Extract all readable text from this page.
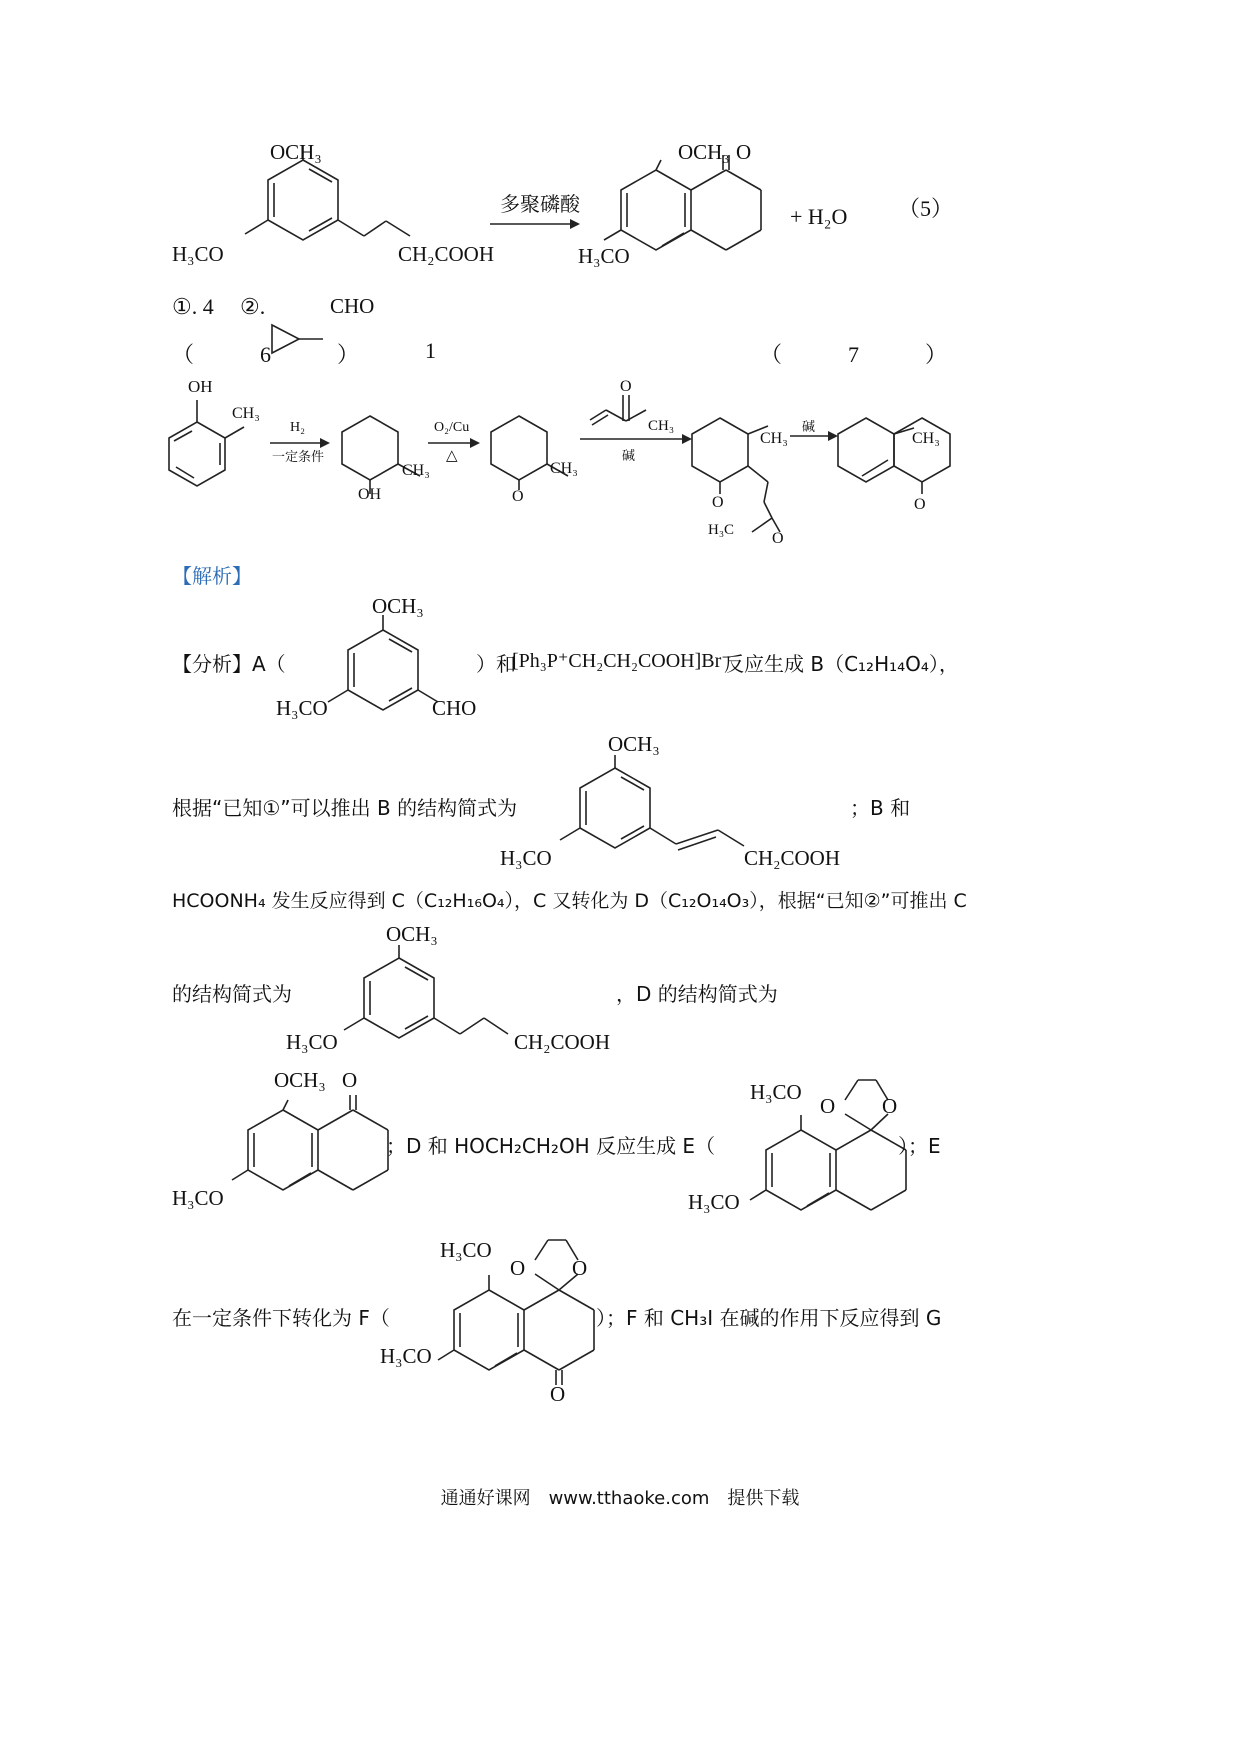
OCH₃
H₃CO	CH₂COOH
多聚磷酸
OCH₃ O
H₃CO
+ H₂O （5）
①. 4 ②.	CHO
（　　　6　　　）	1	（　　　7　　　）
OH
CH₃
H₂
一定条件
CH₃
OH
O₂/Cu
△
CH₃
O
O
CH₃
碱
CH₃
O
H₃C O
碱
CH₃
O
【解析】
【分析】A（
OCH₃
H₃CO	CHO
）和
[Ph₃P⁺CH₂CH₂COOH]Br⁻
反应生成 B（C₁₂H₁₄O₄），
根据“已知①”可以推出 B 的结构简式为
OCH₃
H₃CO	CH₂COOH
；B 和
HCOONH₄ 发生反应得到 C（C₁₂H₁₆O₄），C 又转化为 D（C₁₂O₁₄O₃），根据“已知②”可推出 C
的结构简式为
OCH₃
H₃CO	CH₂COOH
，D 的结构简式为
OCH₃ O
H₃CO
；D 和 HOCH₂CH₂OH 反应生成 E（
H₃CO
O O
H₃CO
）；E
在一定条件下转化为 F（
H₃CO
O O
H₃CO
O
）；F 和 CH₃I 在碱的作用下反应得到 G
通通好课网　www.tthaoke.com　提供下载
